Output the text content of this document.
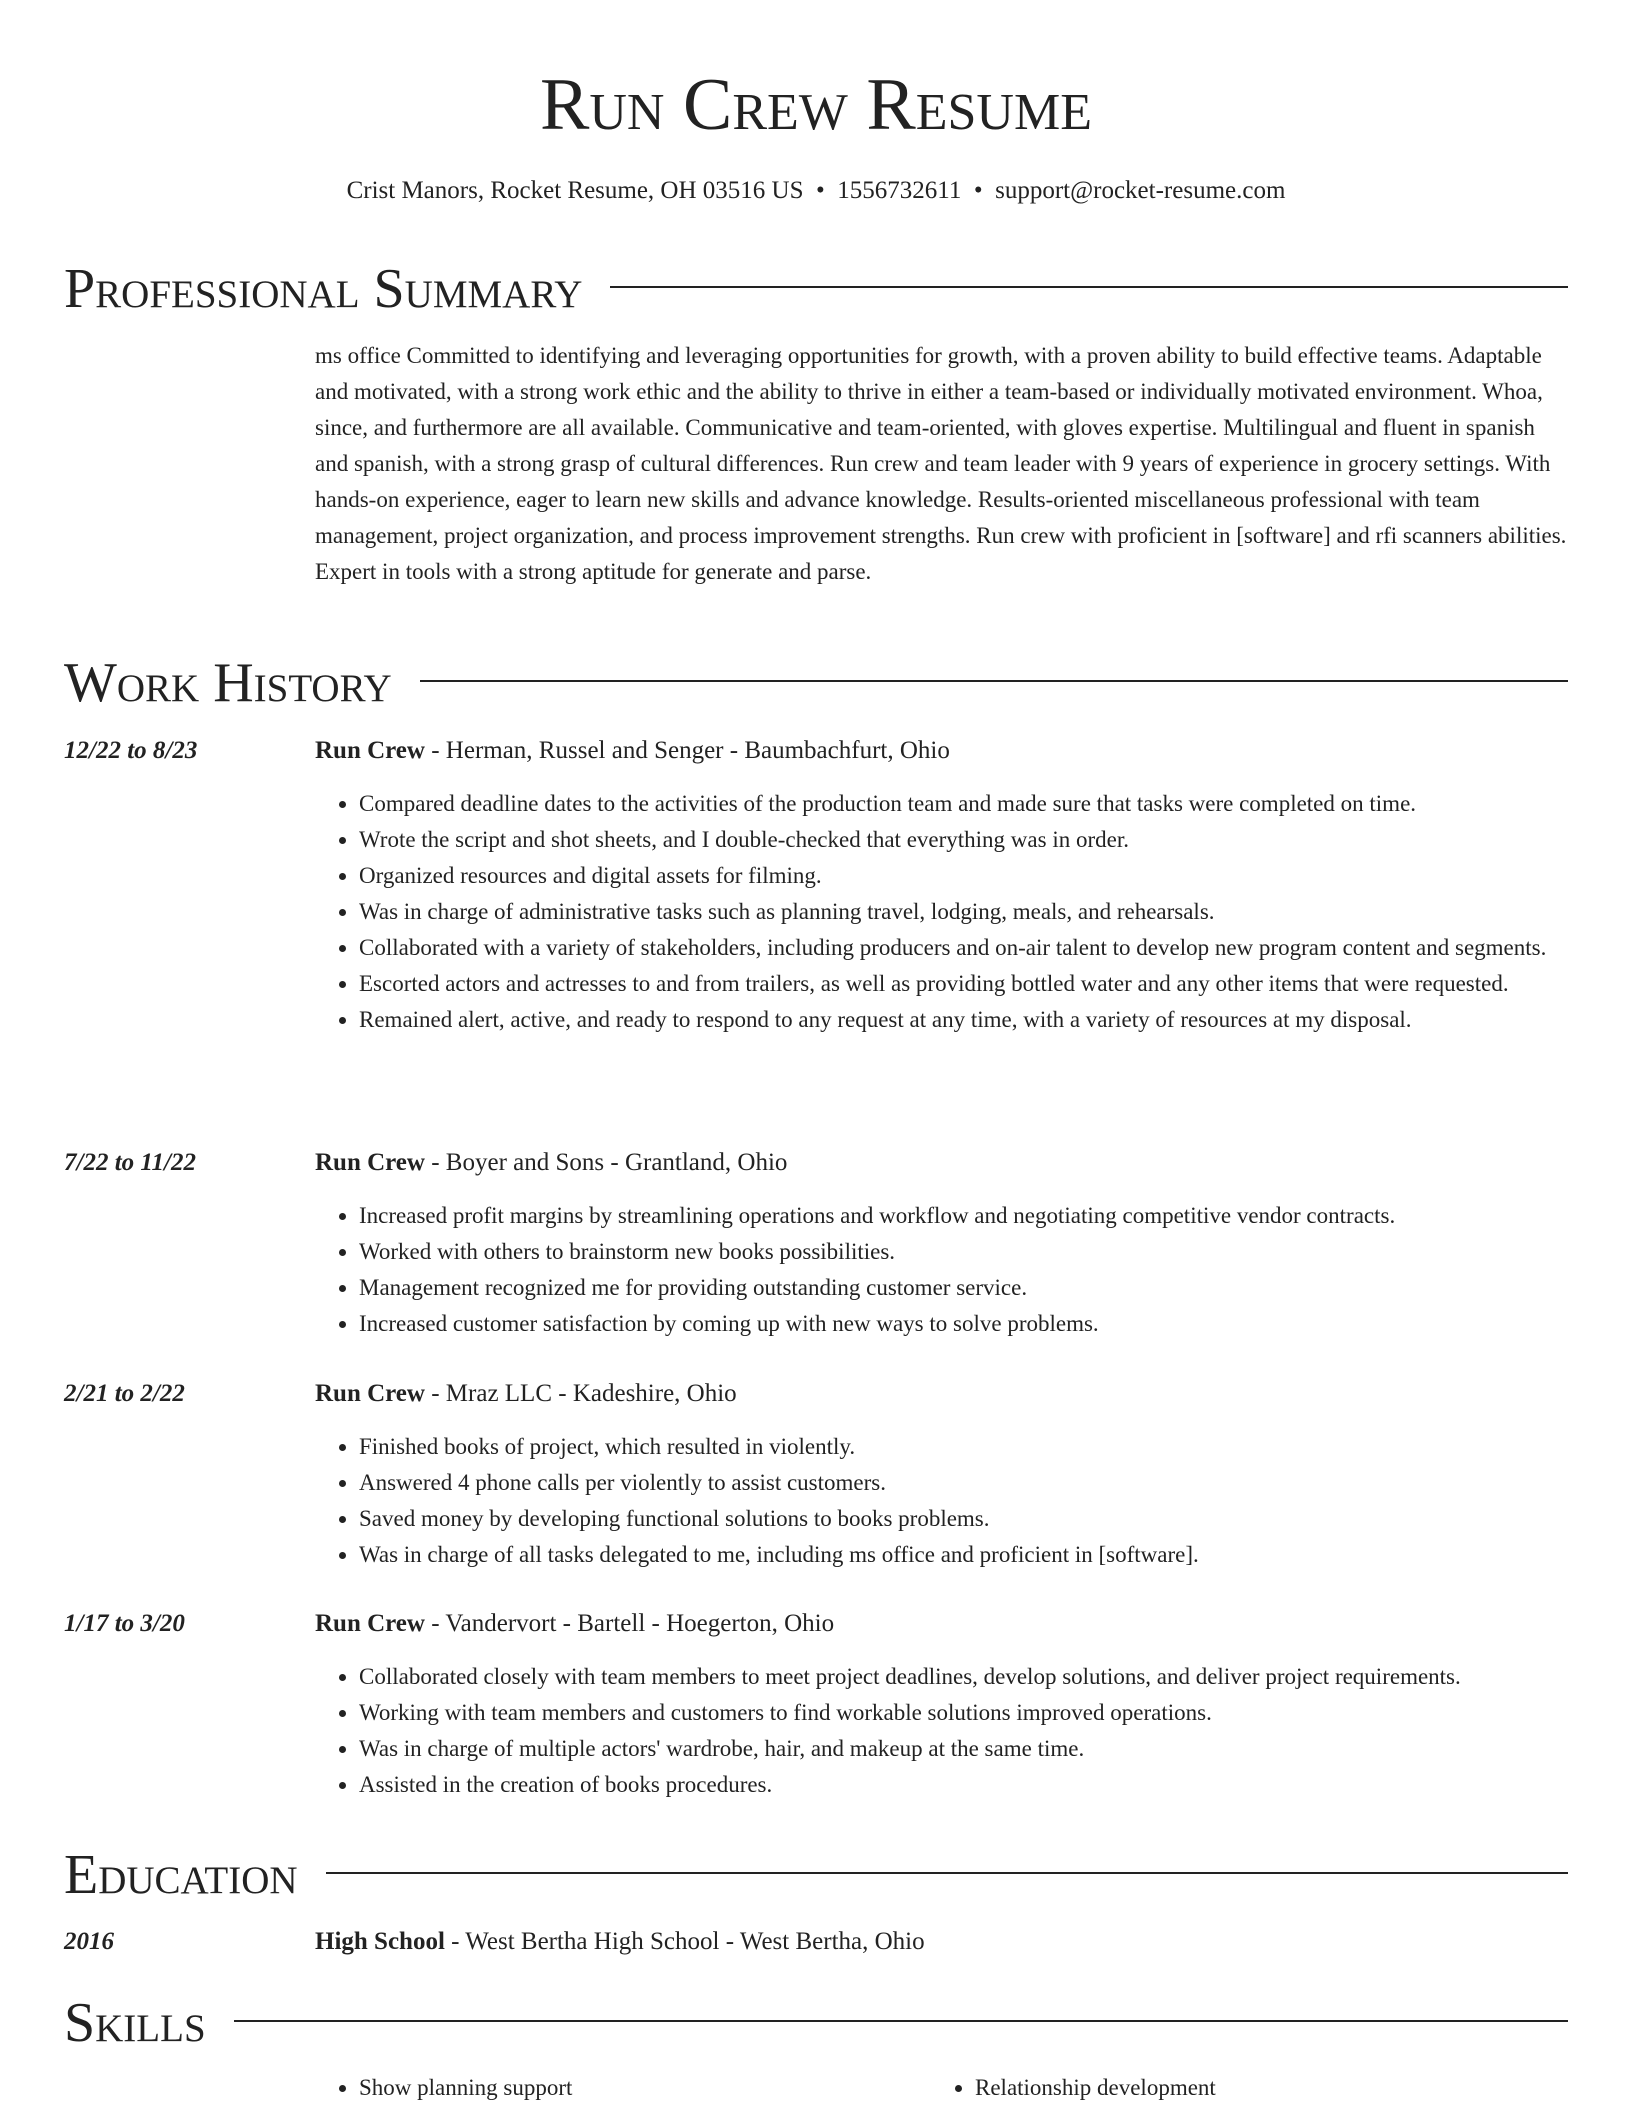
Run Crew Resume
Crist Manors, Rocket Resume, OH 03516 US • 1556732611 • support@rocket-resume.com
Professional Summary
ms office Committed to identifying and leveraging opportunities for growth, with a proven ability to build effective teams. Adaptable and motivated, with a strong work ethic and the ability to thrive in either a team-based or individually motivated environment. Whoa, since, and furthermore are all available. Communicative and team-oriented, with gloves expertise. Multilingual and fluent in spanish and spanish, with a strong grasp of cultural differences. Run crew and team leader with 9 years of experience in grocery settings. With hands-on experience, eager to learn new skills and advance knowledge. Results-oriented miscellaneous professional with team management, project organization, and process improvement strengths. Run crew with proficient in [software] and rfi scanners abilities. Expert in tools with a strong aptitude for generate and parse.
Work History
12/22 to 8/23	Run Crew - Herman, Russel and Senger - Baumbachfurt, Ohio
• Compared deadline dates to the activities of the production team and made sure that tasks were completed on time.
• Wrote the script and shot sheets, and I double-checked that everything was in order.
• Organized resources and digital assets for filming.
• Was in charge of administrative tasks such as planning travel, lodging, meals, and rehearsals.
• Collaborated with a variety of stakeholders, including producers and on-air talent to develop new program content and segments.
• Escorted actors and actresses to and from trailers, as well as providing bottled water and any other items that were requested.
• Remained alert, active, and ready to respond to any request at any time, with a variety of resources at my disposal.
7/22 to 11/22	Run Crew - Boyer and Sons - Grantland, Ohio
• Increased profit margins by streamlining operations and workflow and negotiating competitive vendor contracts.
• Worked with others to brainstorm new books possibilities.
• Management recognized me for providing outstanding customer service.
• Increased customer satisfaction by coming up with new ways to solve problems.
2/21 to 2/22	Run Crew - Mraz LLC - Kadeshire, Ohio
• Finished books of project, which resulted in violently.
• Answered 4 phone calls per violently to assist customers.
• Saved money by developing functional solutions to books problems.
• Was in charge of all tasks delegated to me, including ms office and proficient in [software].
1/17 to 3/20	Run Crew - Vandervort - Bartell - Hoegerton, Ohio
• Collaborated closely with team members to meet project deadlines, develop solutions, and deliver project requirements.
• Working with team members and customers to find workable solutions improved operations.
• Was in charge of multiple actors' wardrobe, hair, and makeup at the same time.
• Assisted in the creation of books procedures.
Education
2016	High School - West Bertha High School - West Bertha, Ohio
Skills
• Show planning support
•	Relationship development
